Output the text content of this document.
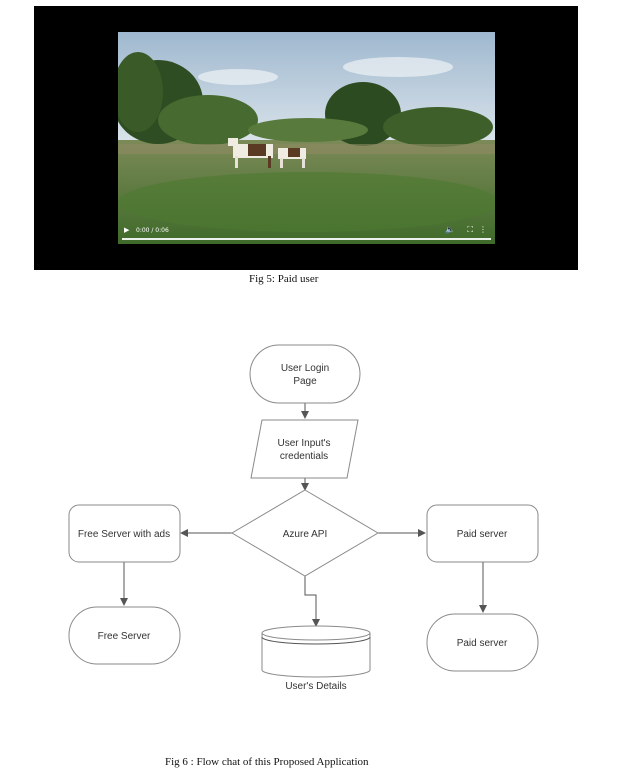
▶ 0:00 / 0:06	🔈 ⛶ ⋮
Fig 5: Paid user
User Login
Page
User Input's
credentials
Azure API
Free Server with ads	Paid server
Free Server
Paid server
User's Details
Fig 6 : Flow chat of this Proposed Application
